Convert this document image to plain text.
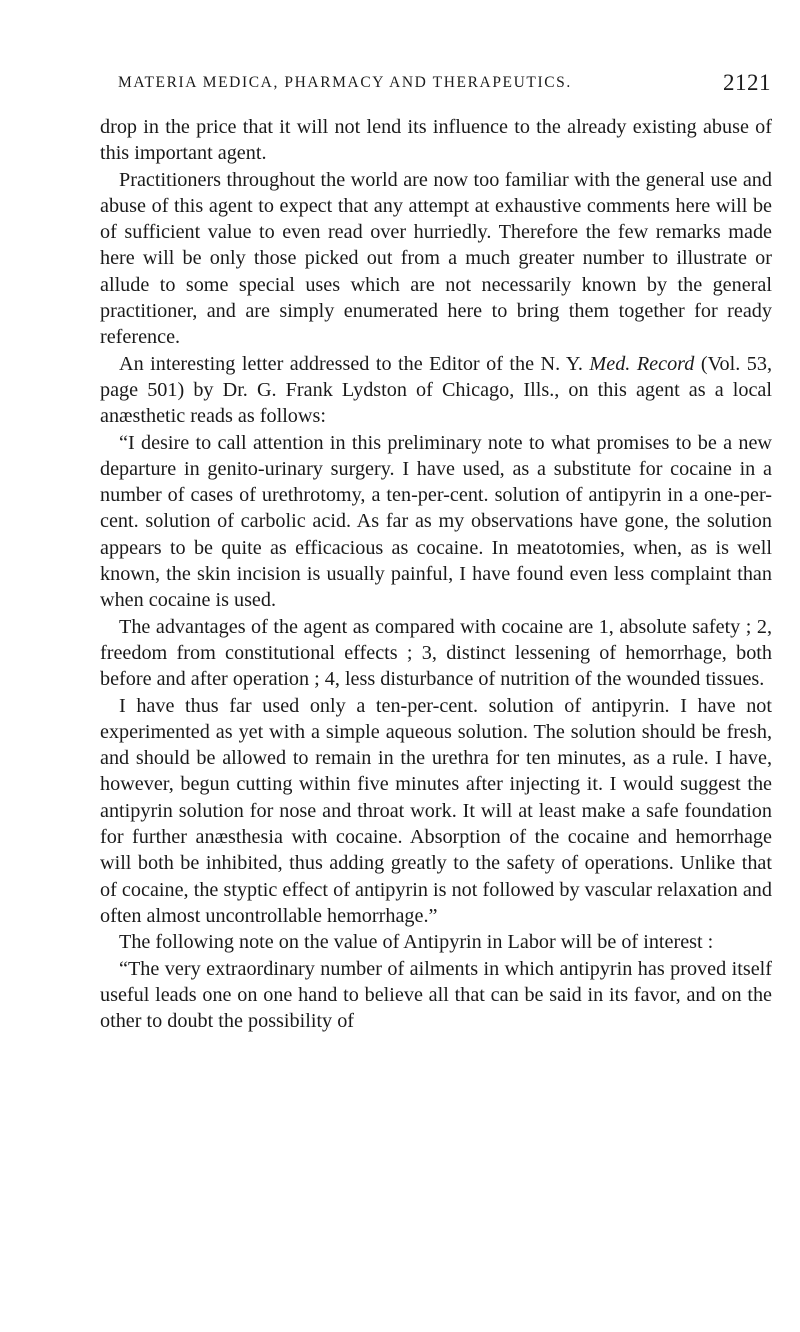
MATERIA MEDICA, PHARMACY AND THERAPEUTICS.	2121

drop in the price that it will not lend its influence to the already existing abuse of this important agent.

Practitioners throughout the world are now too familiar with the general use and abuse of this agent to expect that any attempt at exhaustive comments here will be of sufficient value to even read over hurriedly. Therefore the few remarks made here will be only those picked out from a much greater number to illustrate or allude to some special uses which are not necessarily known by the general practitioner, and are simply enumerated here to bring them together for ready reference.

An interesting letter addressed to the Editor of the N. Y. Med. Record (Vol. 53, page 501) by Dr. G. Frank Lydston of Chicago, Ills., on this agent as a local anæsthetic reads as follows:

“I desire to call attention in this preliminary note to what promises to be a new departure in genito-urinary surgery. I have used, as a substitute for cocaine in a number of cases of urethrotomy, a ten-per-cent. solution of antipyrin in a one-per-cent. solution of carbolic acid. As far as my observations have gone, the solution appears to be quite as efficacious as cocaine. In meatotomies, when, as is well known, the skin incision is usually painful, I have found even less complaint than when cocaine is used.

The advantages of the agent as compared with cocaine are 1, absolute safety ; 2, freedom from constitutional effects ; 3, distinct lessening of hemorrhage, both before and after operation ; 4, less disturbance of nutrition of the wounded tissues.

I have thus far used only a ten-per-cent. solution of antipyrin. I have not experimented as yet with a simple aqueous solution. The solution should be fresh, and should be allowed to remain in the urethra for ten minutes, as a rule. I have, however, begun cutting within five minutes after injecting it. I would suggest the antipyrin solution for nose and throat work. It will at least make a safe foundation for further anæsthesia with cocaine. Absorption of the cocaine and hemorrhage will both be inhibited, thus adding greatly to the safety of operations. Unlike that of cocaine, the styptic effect of antipyrin is not followed by vascular relaxation and often almost uncontrollable hemorrhage.”

The following note on the value of Antipyrin in Labor will be of interest :

“The very extraordinary number of ailments in which antipyrin has proved itself useful leads one on one hand to believe all that can be said in its favor, and on the other to doubt the possibility of
